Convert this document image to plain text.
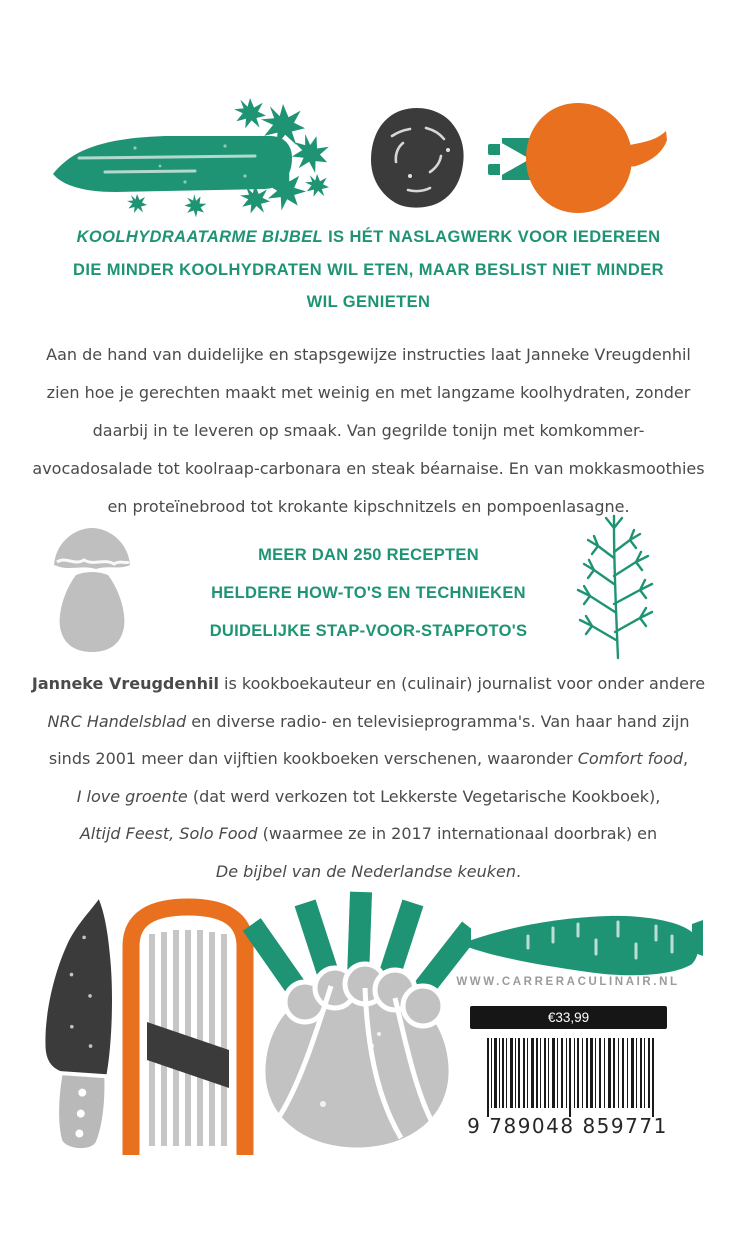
KOOLHYDRAATARME BIJBEL IS HÉT NASLAGWERK VOOR IEDEREEN
DIE MINDER KOOLHYDRATEN WIL ETEN, MAAR BESLIST NIET MINDER
WIL GENIETEN
Aan de hand van duidelijke en stapsgewijze instructies laat Janneke Vreugdenhil
zien hoe je gerechten maakt met weinig en met langzame koolhydraten, zonder
daarbij in te leveren op smaak. Van gegrilde tonijn met komkommer-
avocadosalade tot koolraap-carbonara en steak béarnaise. En van mokkasmoothies
en proteïnebrood tot krokante kipschnitzels en pompoenlasagne.
MEER DAN 250 RECEPTEN
HELDERE HOW-TO'S EN TECHNIEKEN
DUIDELIJKE STAP-VOOR-STAPFOTO'S
Janneke Vreugdenhil is kookboekauteur en (culinair) journalist voor onder andere
NRC Handelsblad en diverse radio- en televisieprogramma's. Van haar hand zijn
sinds 2001 meer dan vijftien kookboeken verschenen, waaronder Comfort food,
I love groente (dat werd verkozen tot Lekkerste Vegetarische Kookboek),
Altijd Feest, Solo Food (waarmee ze in 2017 internationaal doorbrak) en
De bijbel van de Nederlandse keuken.
WWW.CARRERACULINAIR.NL
€33,99
9 789048 859771
